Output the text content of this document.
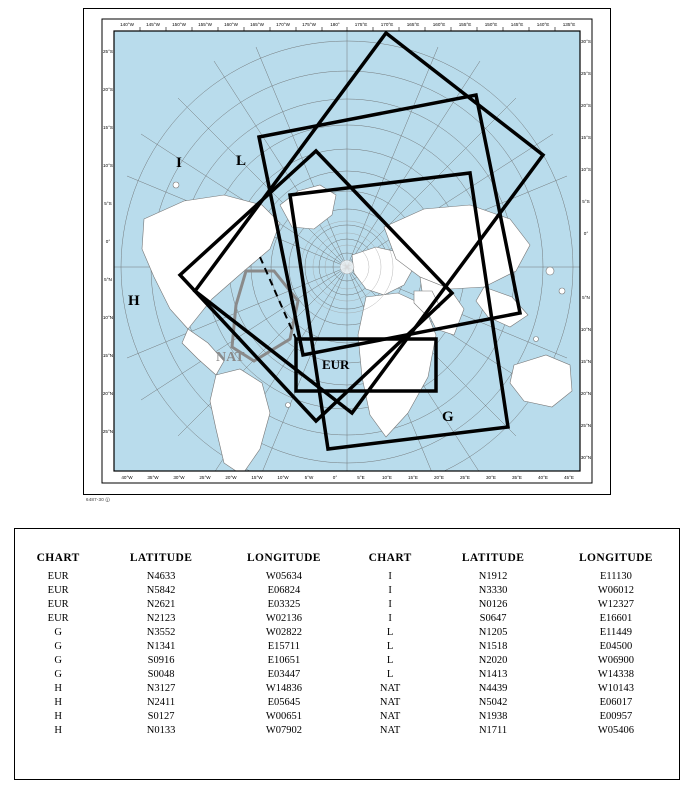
140°W	145°W	150°W	155°W	160°W	165°W	170°W	175°W	180°	175°E	170°E	165°E	160°E	155°E	150°E	145°E	140°E	135°E
40°W	35°W	30°W	25°W	20°W	15°W	10°W	5°W	0°	5°E	10°E	15°E	20°E	25°E	30°E	35°E	40°E	45°E
25°S
20°S
15°S
10°S
5°S
0°
5°N
10°N
15°N
20°N
25°N
30°S
25°S
20°S
15°S
10°S
5°S
0°
5°N
10°N
15°N
20°N
25°N
30°N
I	L
H
G
NAT	EUR
6487-30 (j)
CHART	LATITUDE	LONGITUDE	CHART	LATITUDE	LONGITUDE
EUR	N4633	W05634	I	N1912	E11130
EUR	N5842	E06824	I	N3330	W06012
EUR	N2621	E03325	I	N0126	W12327
EUR	N2123	W02136	I	S0647	E16601
G	N3552	W02822	L	N1205	E11449
G	N1341	E15711	L	N1518	E04500
G	S0916	E10651	L	N2020	W06900
G	S0048	E03447	L	N1413	W14338
H	N3127	W14836	NAT	N4439	W10143
H	N2411	E05645	NAT	N5042	E06017
H	S0127	W00651	NAT	N1938	E00957
H	N0133	W07902	NAT	N1711	W05406
